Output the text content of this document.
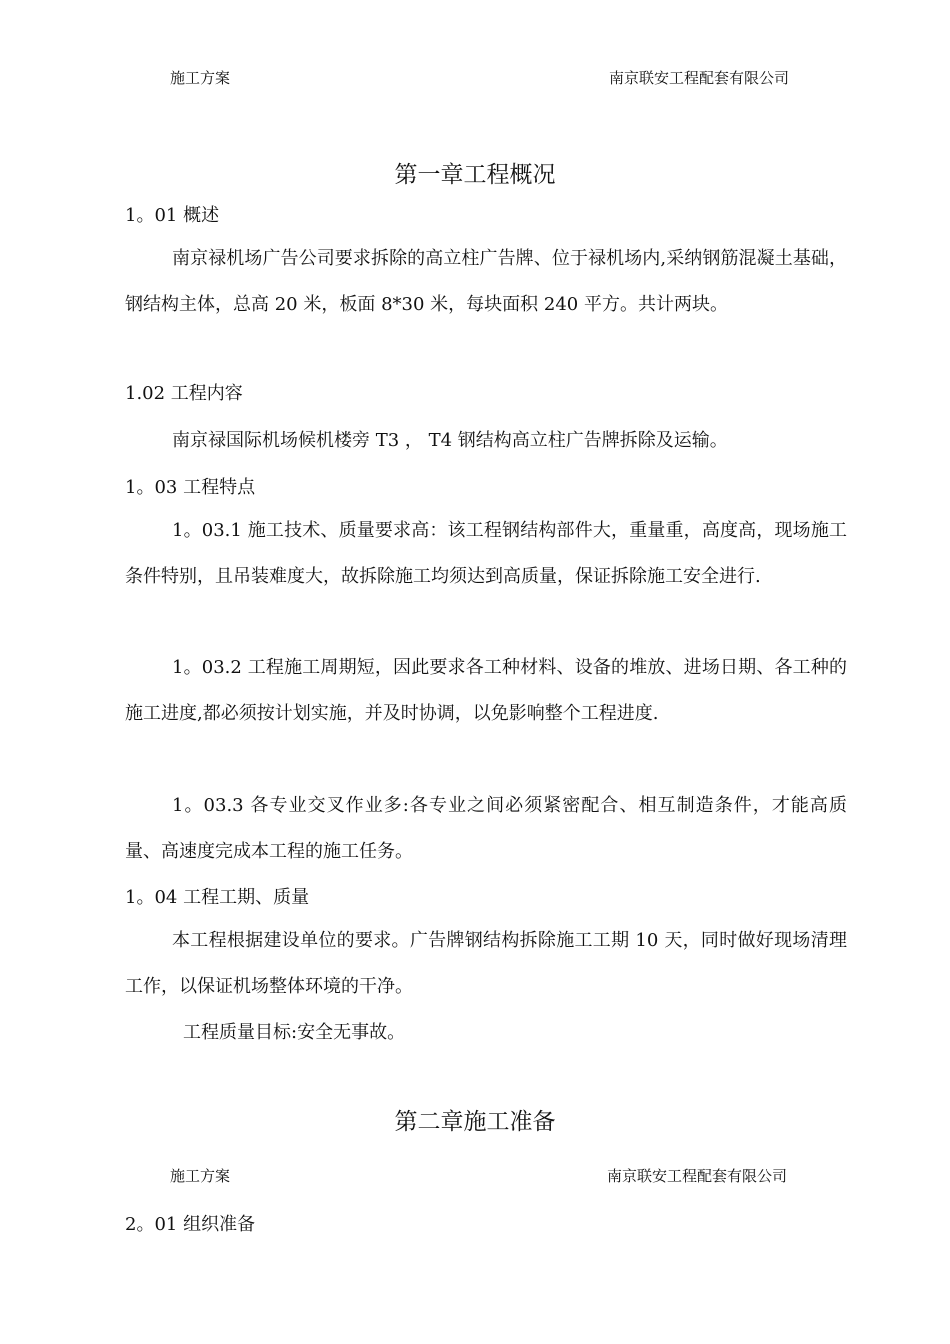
施工方案	南京联安工程配套有限公司
第一章工程概况
1。01 概述

南京禄机场广告公司要求拆除的高立柱广告牌、位于禄机场内,采纳钢筋混凝土基础，钢结构主体，总高 20 米，板面 8*30 米，每块面积 240 平方。共计两块。

1.02 工程内容

南京禄国际机场候机楼旁 T3 ， T4 钢结构高立柱广告牌拆除及运输。

1。03 工程特点

1。03.1 施工技术、质量要求高：该工程钢结构部件大，重量重，高度高，现场施工条件特别，且吊装难度大，故拆除施工均须达到高质量，保证拆除施工安全进行.

1。03.2 工程施工周期短，因此要求各工种材料、设备的堆放、进场日期、各工种的施工进度,都必须按计划实施，并及时协调，以免影响整个工程进度.

1。03.3 各专业交叉作业多:各专业之间必须紧密配合、相互制造条件，才能高质量、高速度完成本工程的施工任务。

1。04 工程工期、质量

本工程根据建设单位的要求。广告牌钢结构拆除施工工期 10 天，同时做好现场清理工作，以保证机场整体环境的干净。

工程质量目标:安全无事故。

第二章施工准备
施工方案	南京联安工程配套有限公司
2。01 组织准备
